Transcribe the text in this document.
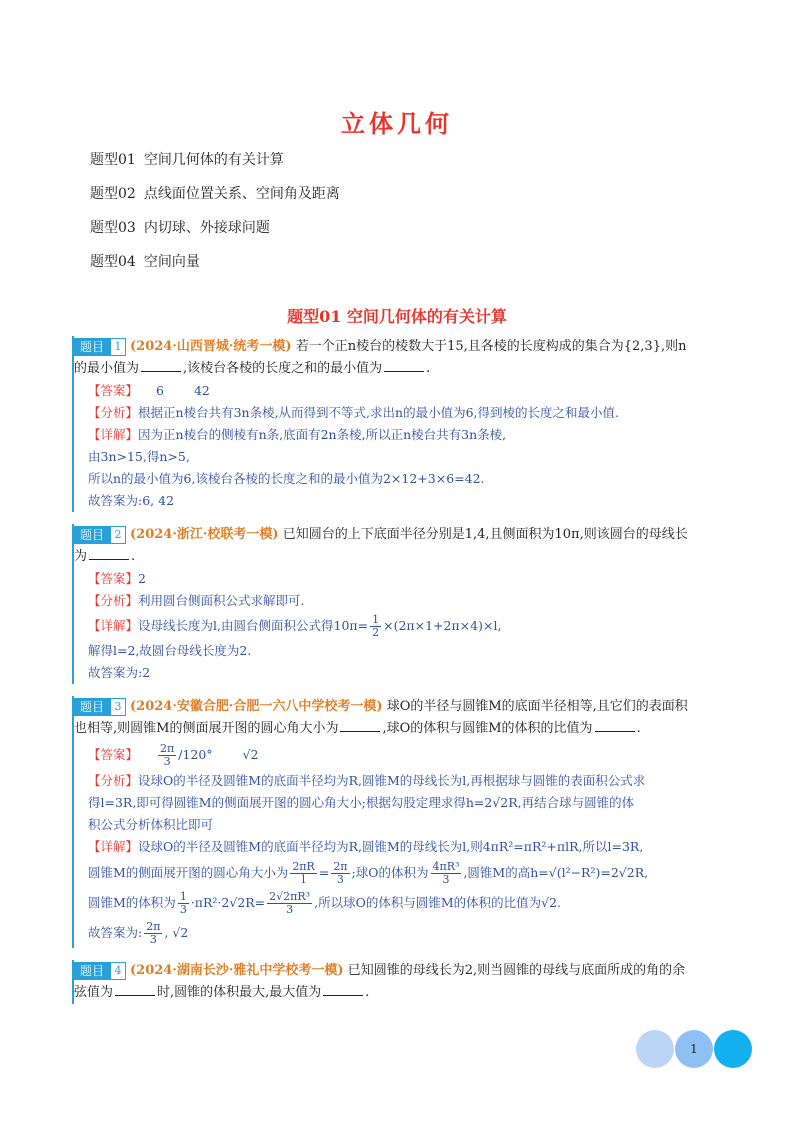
立体几何
题型01 空间几何体的有关计算
题型02 点线面位置关系、空间角及距离
题型03 内切球、外接球问题
题型04 空间向量
题型01 空间几何体的有关计算
题目 1 (2024·山西晋城·统考一模) 若一个正n棱台的棱数大于15,且各棱的长度构成的集合为{2,3},则n
的最小值为	,该棱台各棱的长度之和的最小值为	.
【答案】 6 42
【分析】根据正n棱台共有3n条棱,从而得到不等式,求出n的最小值为6,得到棱的长度之和最小值.
【详解】因为正n棱台的侧棱有n条,底面有2n条棱,所以正n棱台共有3n条棱,
由3n>15,得n>5,
所以n的最小值为6,该棱台各棱的长度之和的最小值为2×12+3×6=42.
故答案为:6, 42
题目 2 (2024·浙江·校联考一模) 已知圆台的上下底面半径分别是1,4,且侧面积为10π,则该圆台的母线长
为	.
【答案】2
【分析】利用圆台侧面积公式求解即可.
【详解】设母线长度为l,由圆台侧面积公式得$10\pi= \frac{1}{2} \times(2\pi\times 1+2\pi\times 4)\times l$,
解得l=2,故圆台母线长度为2.
故答案为:2
题目 3 (2024·安徽合肥·合肥一六八中学校考一模) 球O的半径与圆锥M的底面半径相等,且它们的表面积
也相等,则圆锥M的侧面展开图的圆心角大小为	,球O的体积与圆锥M的体积的比值为	.
【答案】 $\frac{2\pi}{3} /120^\circ$ √2
【分析】设球O的半径及圆锥M的底面半径均为R,圆锥M的母线长为l,再根据球与圆锥的表面积公式求
得l=3R,即可得圆锥M的侧面展开图的圆心角大小;根据勾股定理求得h=2√2R,再结合球与圆锥的体
积公式分析体积比即可
【详解】设球O的半径及圆锥M的底面半径均为R,圆锥M的母线长为l,则4πR²=πR²+πlR,所以l=3R,
圆锥M的侧面展开图的圆心角大小为 $\frac{2\pi R}{l} = \frac{2\pi}{3}$ ;球O的体积为 $\frac{\text{4πR³}}{3}$ ,圆锥M的高h=√(l²−R²)=2√2R,
圆锥M的体积为 $\frac{1}{3} \cdot\pi R^2\cdot 2√2R= \frac{\text{2√2πR³}}{3}$ ,所以球O的体积与圆锥M的体积的比值为√2.
故答案为: $\frac{2\pi}{3}$ , √2
题目 4 (2024·湖南长沙·雅礼中学校考一模) 已知圆锥的母线长为2,则当圆锥的母线与底面所成的角的余
弦值为	时,圆锥的体积最大,最大值为	.
1
